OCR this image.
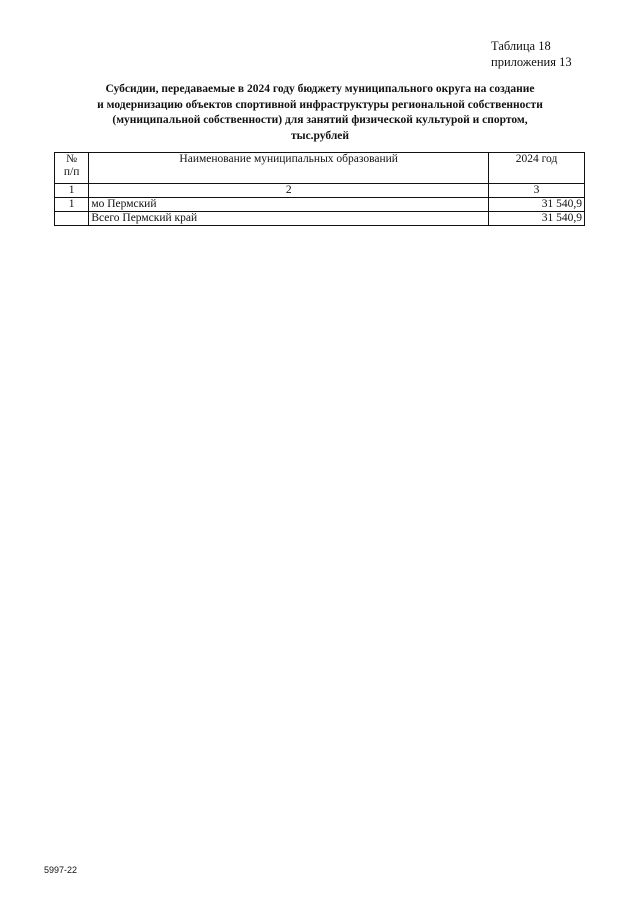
Таблица 18
приложения 13
Субсидии, передаваемые в 2024 году бюджету муниципального округа на создание
и модернизацию объектов спортивной инфраструктуры региональной собственности
(муниципальной собственности) для занятий физической культурой и спортом,
тыс.рублей
№
п/п	Наименование муниципальных образований	2024 год
1	2	3
1	мо Пермский	31 540,9
	Всего Пермский край	31 540,9
5997-22
